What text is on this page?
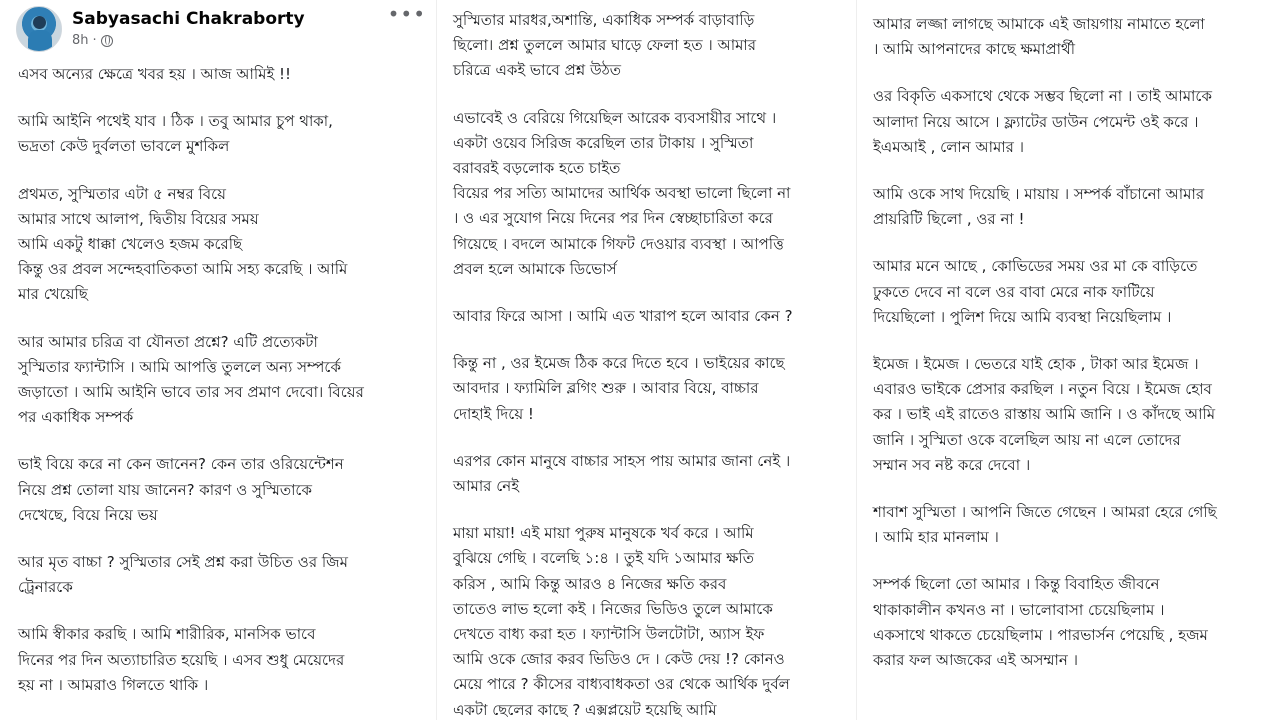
Sabyasachi Chakraborty
8h ·
•••

এসব অন্যের ক্ষেত্রে খবর হয় । আজ আমিই !!

আমি আইনি পথেই যাব । ঠিক । তবু আমার চুপ থাকা,
ভদ্রতা কেউ দুর্বলতা ভাবলে মুশকিল

প্রথমত, সুস্মিতার এটা ৫ নম্বর বিয়ে
আমার সাথে আলাপ, দ্বিতীয় বিয়ের সময়
আমি একটু ধাক্কা খেলেও হজম করেছি
কিন্তু ওর প্রবল সন্দেহবাতিকতা আমি সহ্য করেছি । আমি
মার খেয়েছি

আর আমার চরিত্র বা যৌনতা প্রশ্নে? এটি প্রত্যেকটা
সুস্মিতার ফ্যান্টাসি । আমি আপত্তি তুললে অন্য সম্পর্কে
জড়াতো । আমি আইনি ভাবে তার সব প্রমাণ দেবো। বিয়ের
পর একাধিক সম্পর্ক

ভাই বিয়ে করে না কেন জানেন? কেন তার ওরিয়েন্টেশন
নিয়ে প্রশ্ন তোলা যায় জানেন? কারণ ও সুস্মিতাকে
দেখেছে, বিয়ে নিয়ে ভয়

আর মৃত বাচ্চা ? সুস্মিতার সেই প্রশ্ন করা উচিত ওর জিম
ট্রেনারকে

আমি স্বীকার করছি । আমি শারীরিক, মানসিক ভাবে
দিনের পর দিন অত্যাচারিত হয়েছি । এসব শুধু মেয়েদের
হয় না । আমরাও গিলতে থাকি ।

সুস্মিতার মারধর,অশান্তি, একাধিক সম্পর্ক বাড়াবাড়ি
ছিলো। প্রশ্ন তুললে আমার ঘাড়ে ফেলা হত । আমার
চরিত্রে একই ভাবে প্রশ্ন উঠত

এভাবেই ও বেরিয়ে গিয়েছিল আরেক ব্যবসায়ীর সাথে ।
একটা ওয়েব সিরিজ করেছিল তার টাকায় । সুস্মিতা
বরাবরই বড়লোক হতে চাইত
বিয়ের পর সত্যি আমাদের আর্থিক অবস্থা ভালো ছিলো না
। ও এর সুযোগ নিয়ে দিনের পর দিন স্বেচ্ছাচারিতা করে
গিয়েছে । বদলে আমাকে গিফট দেওয়ার ব্যবস্থা । আপত্তি
প্রবল হলে আমাকে ডিভোর্স

আবার ফিরে আসা । আমি এত খারাপ হলে আবার কেন ?

কিন্তু না , ওর ইমেজ ঠিক করে দিতে হবে । ভাইয়ের কাছে
আবদার । ফ্যামিলি ব্লগিং শুরু । আবার বিয়ে, বাচ্চার
দোহাই দিয়ে !

এরপর কোন মানুষে বাচ্চার সাহস পায় আমার জানা নেই ।
আমার নেই

মায়া মায়া! এই মায়া পুরুষ মানুষকে খর্ব করে । আমি
বুঝিয়ে গেছি । বলেছি ১:৪ । তুই যদি ১আমার ক্ষতি
করিস , আমি কিন্তু আরও ৪ নিজের ক্ষতি করব
তাতেও লাভ হলো কই । নিজের ভিডিও তুলে আমাকে
দেখতে বাধ্য করা হত । ফ্যান্টাসি উলটোটা, অ্যাস ইফ
আমি ওকে জোর করব ভিডিও দে । কেউ দেয় !? কোনও
মেয়ে পারে ? কীসের বাধ্যবাধকতা ওর থেকে আর্থিক দুর্বল
একটা ছেলের কাছে ? এক্সপ্লয়েট হয়েছি আমি

আমার লজ্জা লাগছে আমাকে এই জায়গায় নামাতে হলো
। আমি আপনাদের কাছে ক্ষমাপ্রার্থী

ওর বিকৃতি একসাথে থেকে সম্ভব ছিলো না । তাই আমাকে
আলাদা নিয়ে আসে । ফ্ল্যাটের ডাউন পেমেন্ট ওই করে ।
ইএমআই , লোন আমার ।

আমি ওকে সাথ দিয়েছি । মায়ায় । সম্পর্ক বাঁচানো আমার
প্রায়রিটি ছিলো , ওর না !

আমার মনে আছে , কোভিডের সময় ওর মা কে বাড়িতে
ঢুকতে দেবে না বলে ওর বাবা মেরে নাক ফাটিয়ে
দিয়েছিলো । পুলিশ দিয়ে আমি ব্যবস্থা নিয়েছিলাম ।

ইমেজ । ইমেজ । ভেতরে যাই হোক , টাকা আর ইমেজ ।
এবারও ভাইকে প্রেসার করছিল । নতুন বিয়ে । ইমেজ হোব
কর । ভাই এই রাতেও রাস্তায় আমি জানি । ও কাঁদছে আমি
জানি । সুস্মিতা ওকে বলেছিল আয় না এলে তোদের
সম্মান সব নষ্ট করে দেবো ।

শাবাশ সুস্মিতা । আপনি জিতে গেছেন । আমরা হেরে গেছি
। আমি হার মানলাম ।

সম্পর্ক ছিলো তো আমার । কিন্তু বিবাহিত জীবনে
থাকাকালীন কখনও না । ভালোবাসা চেয়েছিলাম ।
একসাথে থাকতে চেয়েছিলাম । পারভার্সন পেয়েছি , হজম
করার ফল আজকের এই অসম্মান ।
